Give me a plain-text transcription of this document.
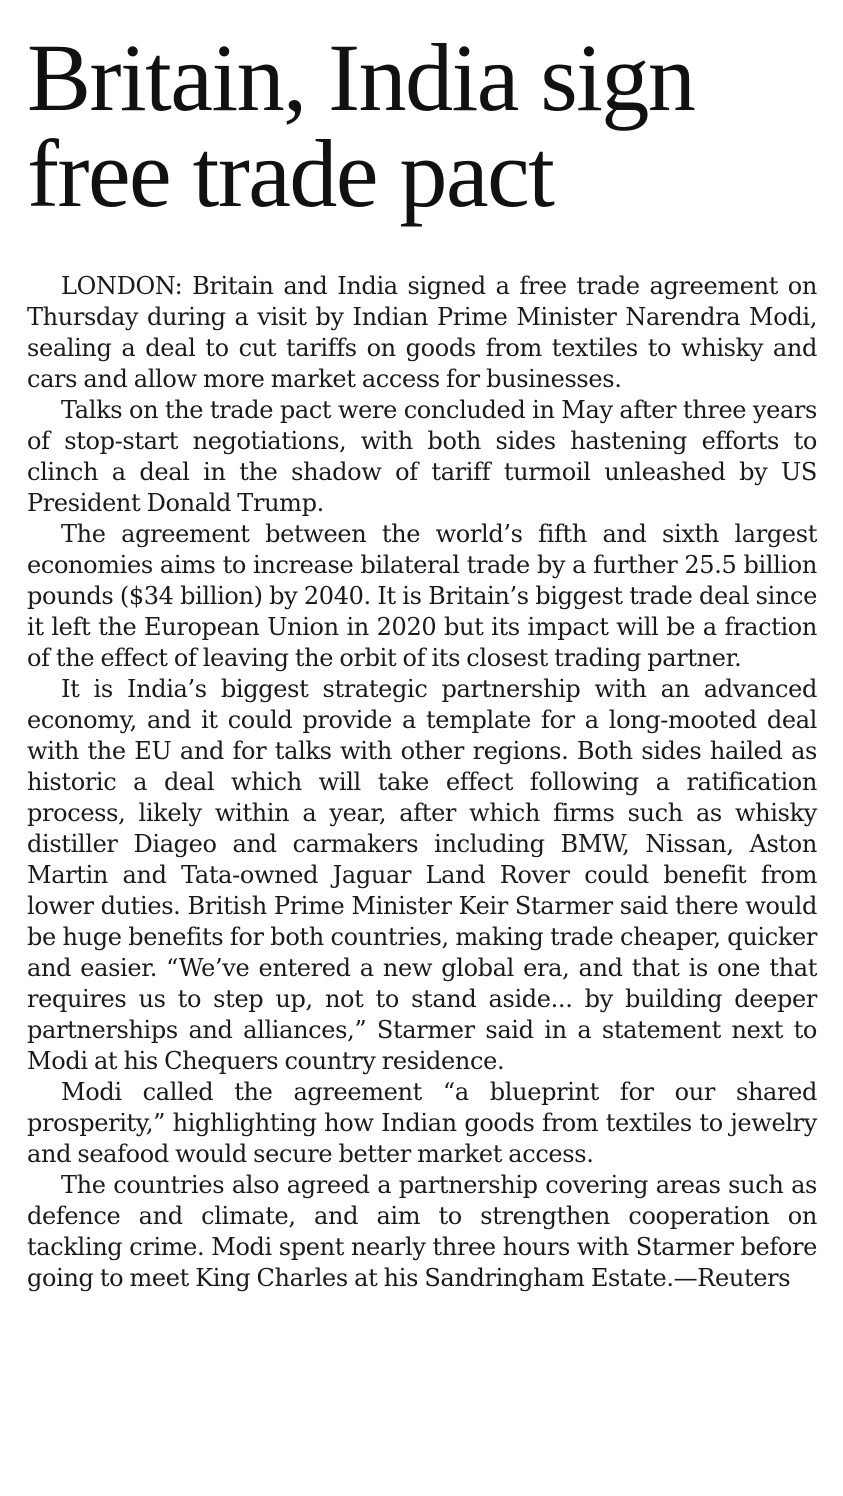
Britain, India sign
free trade pact

LONDON: Britain and India signed a free trade agreement on Thursday during a visit by Indian Prime Minister Narendra Modi, sealing a deal to cut tariffs on goods from textiles to whisky and cars and allow more market access for businesses.

Talks on the trade pact were concluded in May after three years of stop-start negotiations, with both sides hastening efforts to clinch a deal in the shadow of tariff turmoil unleashed by US President Donald Trump.

The agreement between the world’s fifth and sixth largest economies aims to increase bilateral trade by a further 25.5 billion pounds ($34 billion) by 2040. It is Britain’s biggest trade deal since it left the European Union in 2020 but its impact will be a fraction of the effect of leaving the orbit of its closest trading partner.

It is India’s biggest strategic partnership with an advanced economy, and it could provide a template for a long-mooted deal with the EU and for talks with other regions. Both sides hailed as historic a deal which will take effect following a ratification process, likely within a year, after which firms such as whisky distiller Diageo and carmakers including BMW, Nissan, Aston Martin and Tata-owned Jaguar Land Rover could benefit from lower duties. British Prime Minister Keir Starmer said there would be huge benefits for both countries, making trade cheaper, quicker and easier. “We’ve entered a new global era, and that is one that requires us to step up, not to stand aside... by building deeper partnerships and alliances,” Starmer said in a statement next to Modi at his Chequers country residence.

Modi called the agreement “a blueprint for our shared prosperity,” highlighting how Indian goods from textiles to jewelry and seafood would secure better market access.

The countries also agreed a partnership covering areas such as defence and climate, and aim to strengthen cooperation on tackling crime. Modi spent nearly three hours with Starmer before going to meet King Charles at his Sandringham Estate.—Reuters
